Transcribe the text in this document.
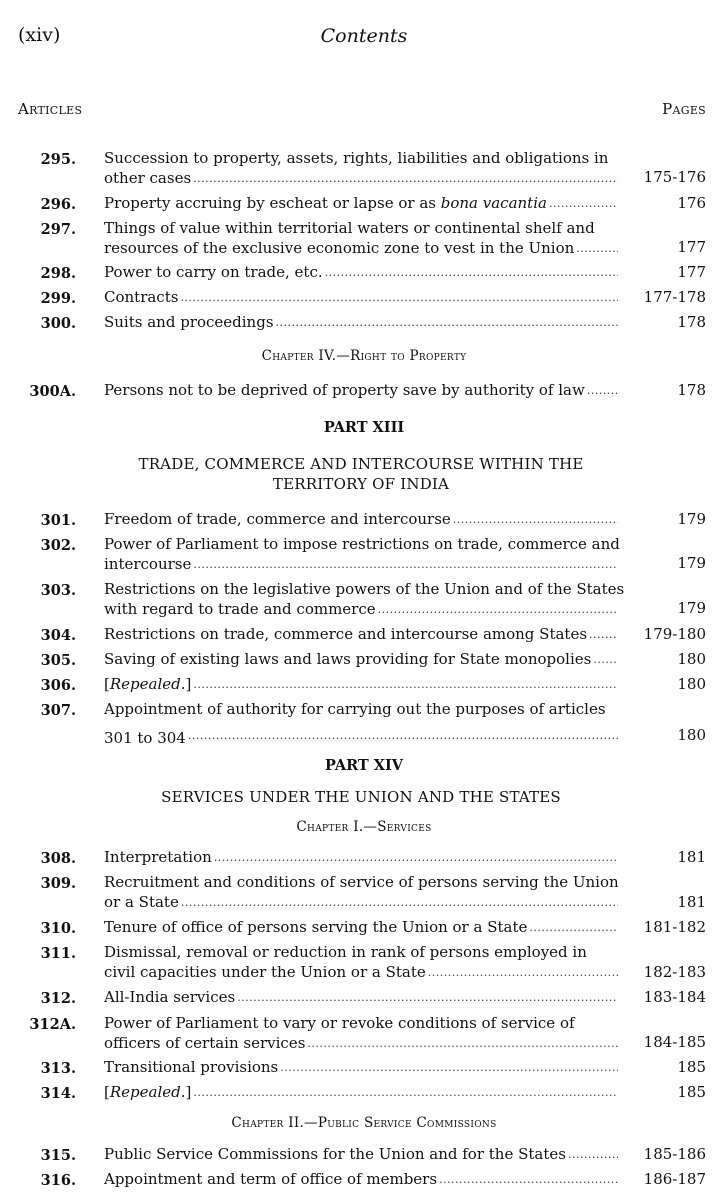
(xiv)	Contents
Articles	Pages
295. Succession to property, assets, rights, liabilities and obligations in
other cases .....	175-176
296. Property accruing by escheat or lapse or as bona vacantia .....	176
297. Things of value within territorial waters or continental shelf and
resources of the exclusive economic zone to vest in the Union .....	177
298. Power to carry on trade, etc. .....	177
299. Contracts .....	177-178
300. Suits and proceedings .....	178
Chapter IV.—Right to Property
300A. Persons not to be deprived of property save by authority of law .....	178
PART XIII
TRADE, COMMERCE AND INTERCOURSE WITHIN THE
TERRITORY OF INDIA
301. Freedom of trade, commerce and intercourse .....	179
302. Power of Parliament to impose restrictions on trade, commerce and
intercourse .....	179
303. Restrictions on the legislative powers of the Union and of the States
with regard to trade and commerce .....	179
304. Restrictions on trade, commerce and intercourse among States .....	179-180
305. Saving of existing laws and laws providing for State monopolies .....	180
306. [Repealed.] .....	180
307. Appointment of authority for carrying out the purposes of articles
301 to 304 .....	180
PART XIV
SERVICES UNDER THE UNION AND THE STATES
Chapter I.—Services
308. Interpretation .....	181
309. Recruitment and conditions of service of persons serving the Union
or a State .....	181
310. Tenure of office of persons serving the Union or a State .....	181-182
311. Dismissal, removal or reduction in rank of persons employed in
civil capacities under the Union or a State .....	182-183
312. All-India services .....	183-184
312A. Power of Parliament to vary or revoke conditions of service of
officers of certain services .....	184-185
313. Transitional provisions .....	185
314. [Repealed.] .....	185
Chapter II.—Public Service Commissions
315. Public Service Commissions for the Union and for the States .....	185-186
316. Appointment and term of office of members .....	186-187
